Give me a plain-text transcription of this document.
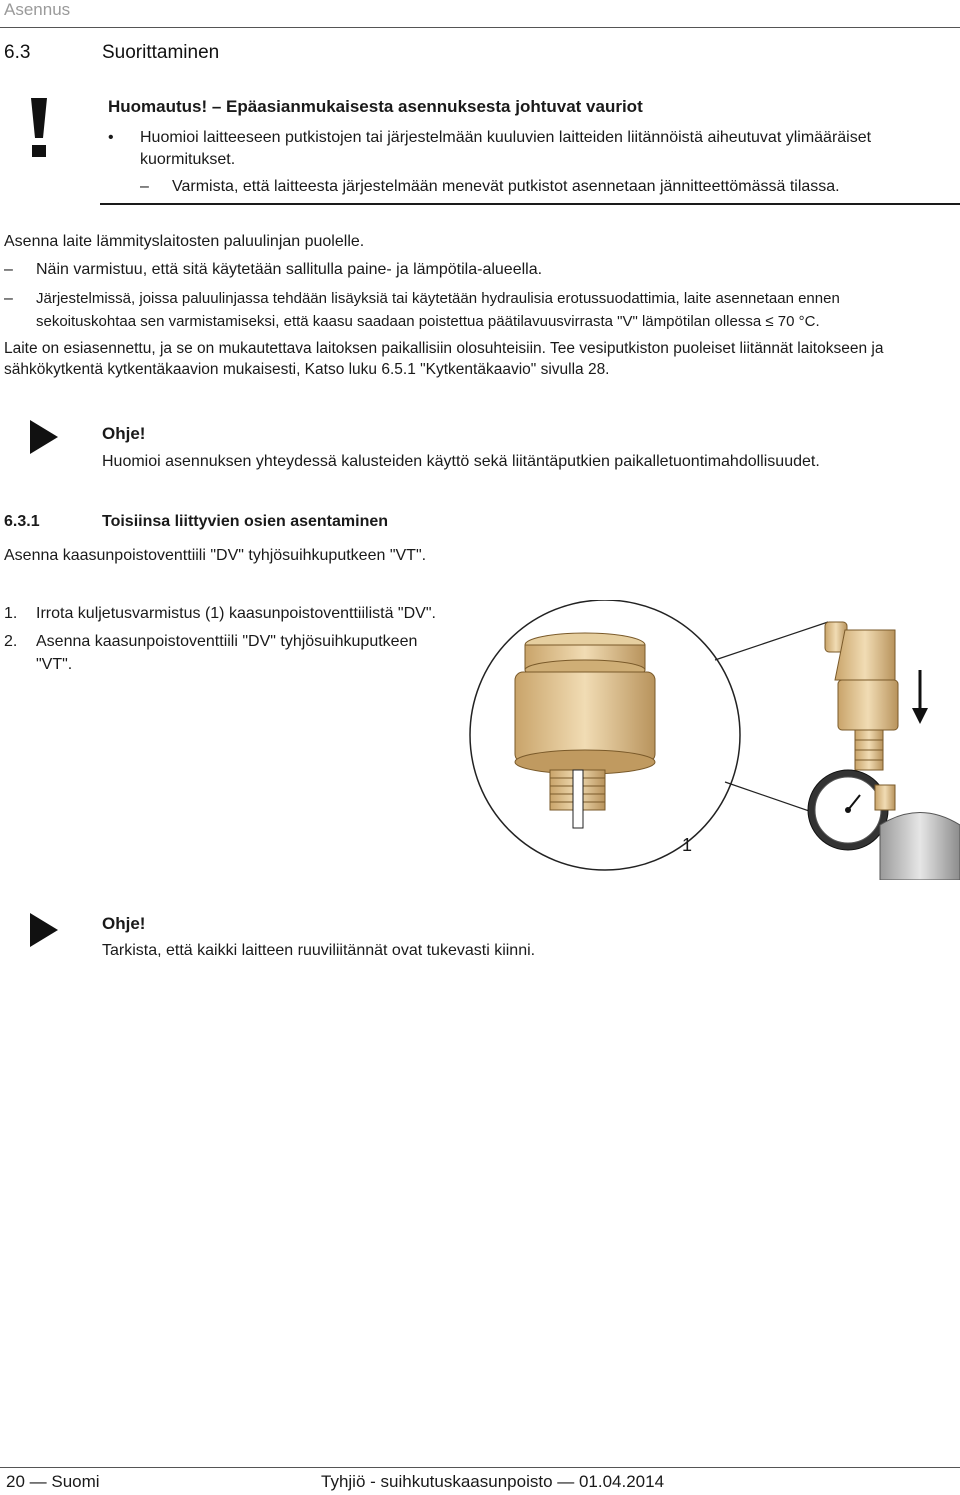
Asennus
6.3	Suorittaminen
Huomautus! – Epäasianmukaisesta asennuksesta johtuvat vauriot
• Huomioi laitteeseen putkistojen tai järjestelmään kuuluvien laitteiden liitännöistä aiheutuvat ylimääräiset kuormitukset.
– Varmista, että laitteesta järjestelmään menevät putkistot asennetaan jännitteettömässä tilassa.
Asenna laite lämmityslaitosten paluulinjan puolelle.
– Näin varmistuu, että sitä käytetään sallitulla paine- ja lämpötila-alueella.
– Järjestelmissä, joissa paluulinjassa tehdään lisäyksiä tai käytetään hydraulisia erotussuodattimia, laite asennetaan ennen
sekoituskohtaa sen varmistamiseksi, että kaasu saadaan poistettua päätilavuusvirrasta "V" lämpötilan ollessa ≤ 70 °C.
Laite on esiasennettu, ja se on mukautettava laitoksen paikallisiin olosuhteisiin. Tee vesiputkiston puoleiset liitännät laitokseen ja
sähkökytkentä kytkentäkaavion mukaisesti, Katso luku 6.5.1 "Kytkentäkaavio" sivulla 28.
Ohje!
Huomioi asennuksen yhteydessä kalusteiden käyttö sekä liitäntäputkien paikalletuontimahdollisuudet.
6.3.1	Toisiinsa liittyvien osien asentaminen
Asenna kaasunpoistoventtiili "DV" tyhjösuihkuputkeen "VT".
1. Irrota kuljetusvarmistus (1) kaasunpoistoventtiilistä "DV".
2. Asenna kaasunpoistoventtiili "DV" tyhjösuihkuputkeen
"VT".
1
Ohje!
Tarkista, että kaikki laitteen ruuviliitännät ovat tukevasti kiinni.
20 — Suomi	Tyhjiö - suihkutuskaasunpoisto — 01.04.2014
